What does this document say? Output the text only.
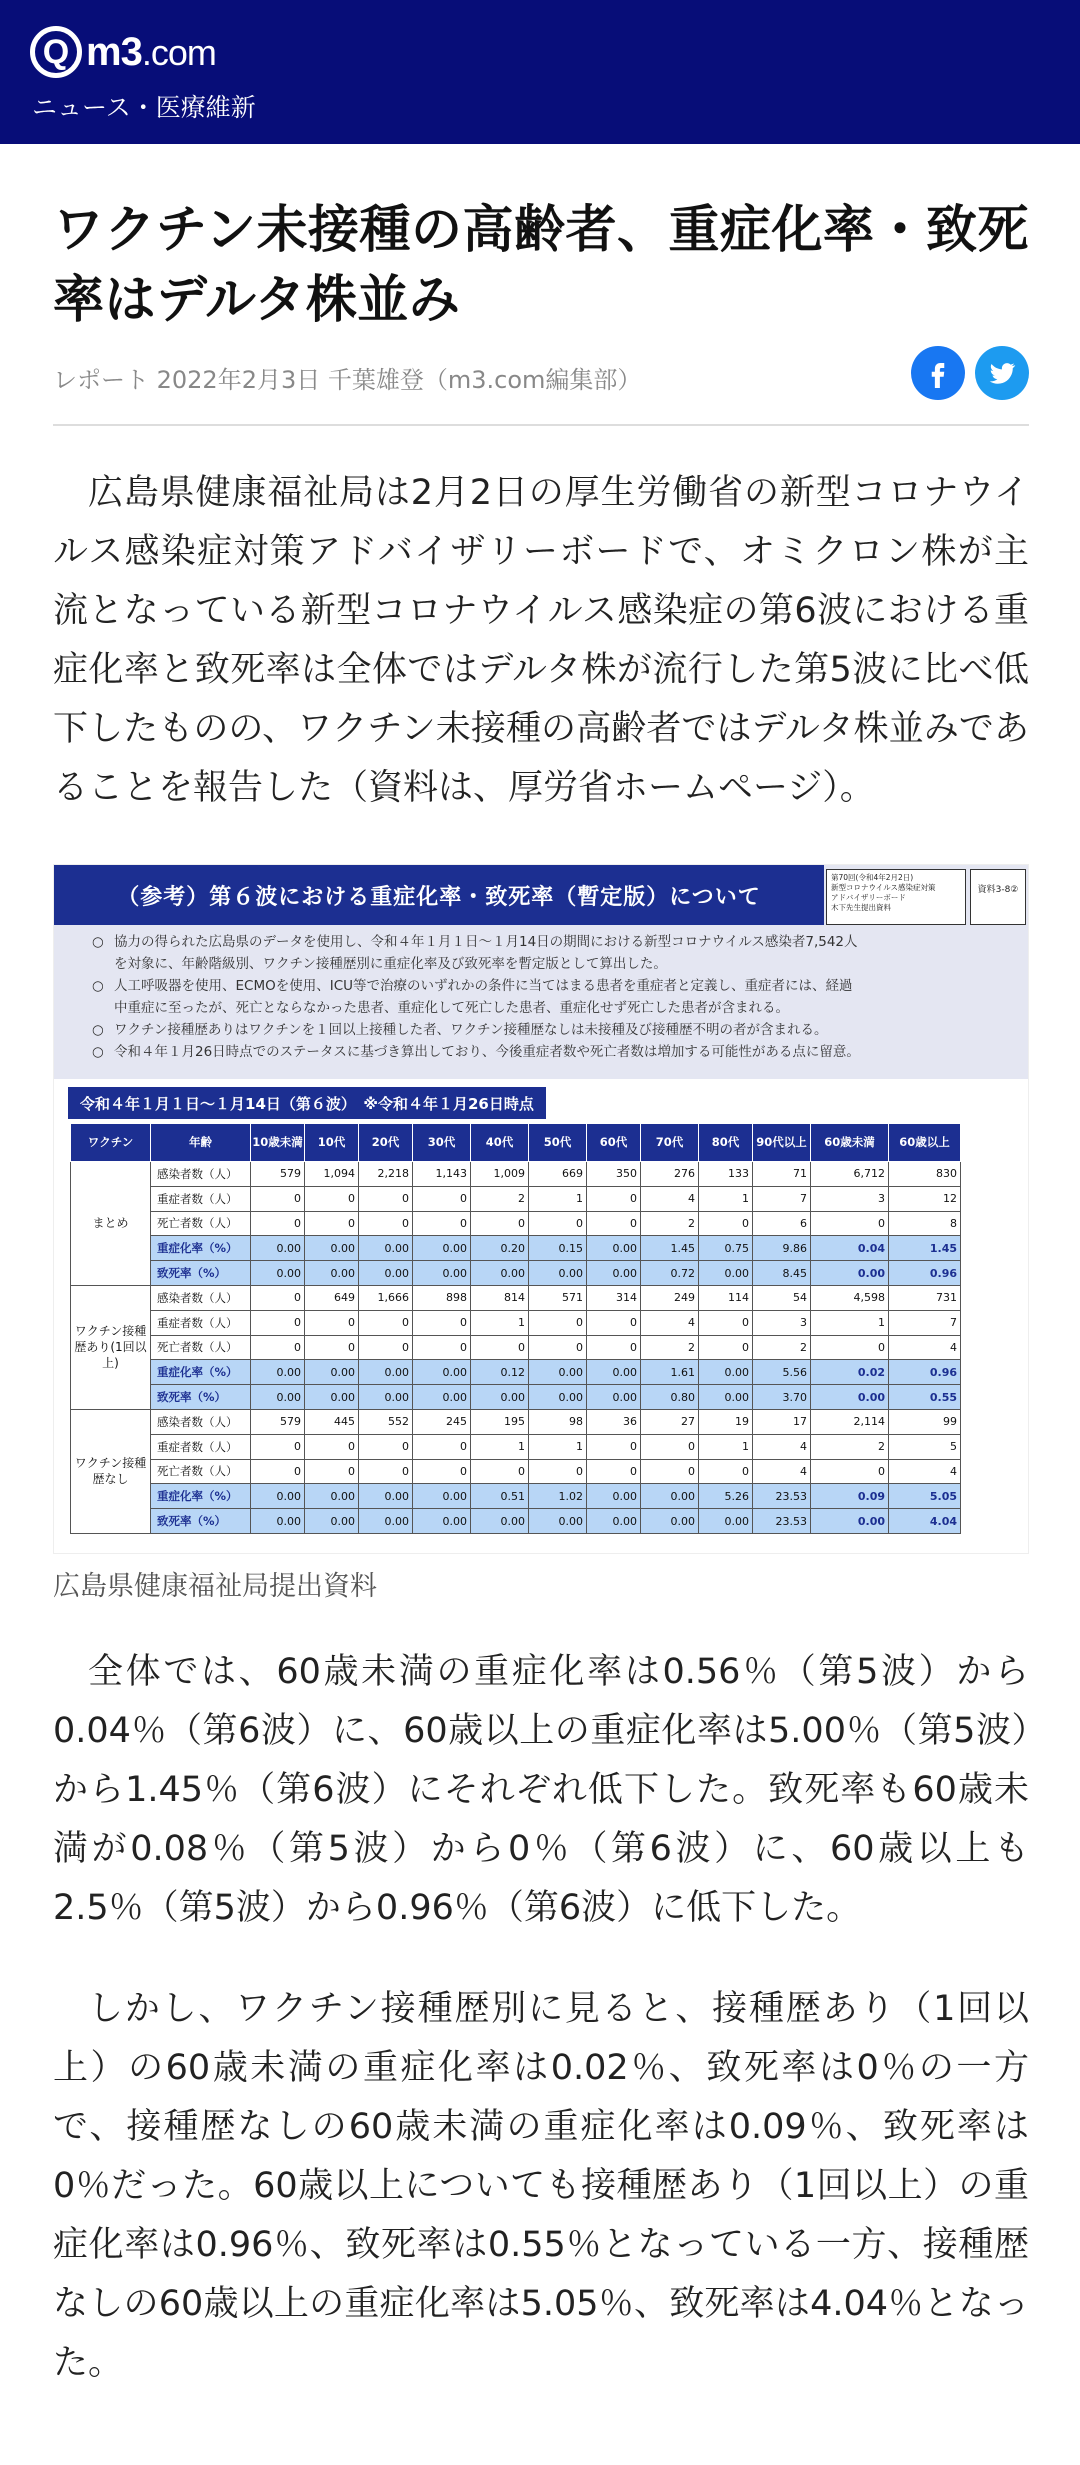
Q m3.com
ニュース・医療維新
ワクチン未接種の高齢者、重症化率・致死率はデルタ株並み
レポート 2022年2月3日 千葉雄登（m3.com編集部）

広島県健康福祉局は2月2日の厚生労働省の新型コロナウイルス感染症対策アドバイザリーボードで、オミクロン株が主流となっている新型コロナウイルス感染症の第6波における重症化率と致死率は全体ではデルタ株が流行した第5波に比べ低下したものの、ワクチン未接種の高齢者ではデルタ株並みであることを報告した（資料は、厚労省ホームページ）。

（参考）第６波における重症化率・致死率（暫定版）について
第70回(令和4年2月2日)
新型コロナウイルス感染症対策
アドバイザリーボード
木下先生提出資料
資料3-8②
○ 協力の得られた広島県のデータを使用し、令和４年１月１日～１月14日の期間における新型コロナウイルス感染者7,542人
を対象に、年齢階級別、ワクチン接種歴別に重症化率及び致死率を暫定版として算出した。
○ 人工呼吸器を使用、ECMOを使用、ICU等で治療のいずれかの条件に当てはまる患者を重症者と定義し、重症者には、経過
中重症に至ったが、死亡とならなかった患者、重症化して死亡した患者、重症化せず死亡した患者が含まれる。
○ ワクチン接種歴ありはワクチンを１回以上接種した者、ワクチン接種歴なしは未接種及び接種歴不明の者が含まれる。
○ 令和４年１月26日時点でのステータスに基づき算出しており、今後重症者数や死亡者数は増加する可能性がある点に留意。
令和４年１月１日～１月14日（第６波）　※令和４年１月26日時点
ワクチン	年齢	10歳未満	10代	20代	30代	40代	50代	60代	70代	80代	90代以上	60歳未満	60歳以上
まとめ	感染者数（人）	579	1,094	2,218	1,143	1,009	669	350	276	133	71	6,712	830
	重症者数（人）	0	0	0	0	2	1	0	4	1	7	3	12
	死亡者数（人）	0	0	0	0	0	0	0	2	0	6	0	8
	重症化率（%）	0.00	0.00	0.00	0.00	0.20	0.15	0.00	1.45	0.75	9.86	0.04	1.45
	致死率（%）	0.00	0.00	0.00	0.00	0.00	0.00	0.00	0.72	0.00	8.45	0.00	0.96
ワクチン接種歴あり(1回以上)	感染者数（人）	0	649	1,666	898	814	571	314	249	114	54	4,598	731
	重症者数（人）	0	0	0	0	1	0	0	4	0	3	1	7
	死亡者数（人）	0	0	0	0	0	0	0	2	0	2	0	4
	重症化率（%）	0.00	0.00	0.00	0.00	0.12	0.00	0.00	1.61	0.00	5.56	0.02	0.96
	致死率（%）	0.00	0.00	0.00	0.00	0.00	0.00	0.00	0.80	0.00	3.70	0.00	0.55
ワクチン接種歴なし	感染者数（人）	579	445	552	245	195	98	36	27	19	17	2,114	99
	重症者数（人）	0	0	0	0	1	1	0	0	1	4	2	5
	死亡者数（人）	0	0	0	0	0	0	0	0	0	4	0	4
	重症化率（%）	0.00	0.00	0.00	0.00	0.51	1.02	0.00	0.00	5.26	23.53	0.09	5.05
	致死率（%）	0.00	0.00	0.00	0.00	0.00	0.00	0.00	0.00	0.00	23.53	0.00	4.04
広島県健康福祉局提出資料

全体では、60歳未満の重症化率は0.56％（第5波）から0.04％（第6波）に、60歳以上の重症化率は5.00％（第5波）から1.45％（第6波）にそれぞれ低下した。致死率も60歳未満が0.08％（第5波）から0％（第6波）に、60歳以上も2.5％（第5波）から0.96％（第6波）に低下した。

しかし、ワクチン接種歴別に見ると、接種歴あり（1回以上）の60歳未満の重症化率は0.02％、致死率は0％の一方で、接種歴なしの60歳未満の重症化率は0.09％、致死率は0％だった。60歳以上についても接種歴あり（1回以上）の重症化率は0.96％、致死率は0.55％となっている一方、接種歴なしの60歳以上の重症化率は5.05％、致死率は4.04％となった。
